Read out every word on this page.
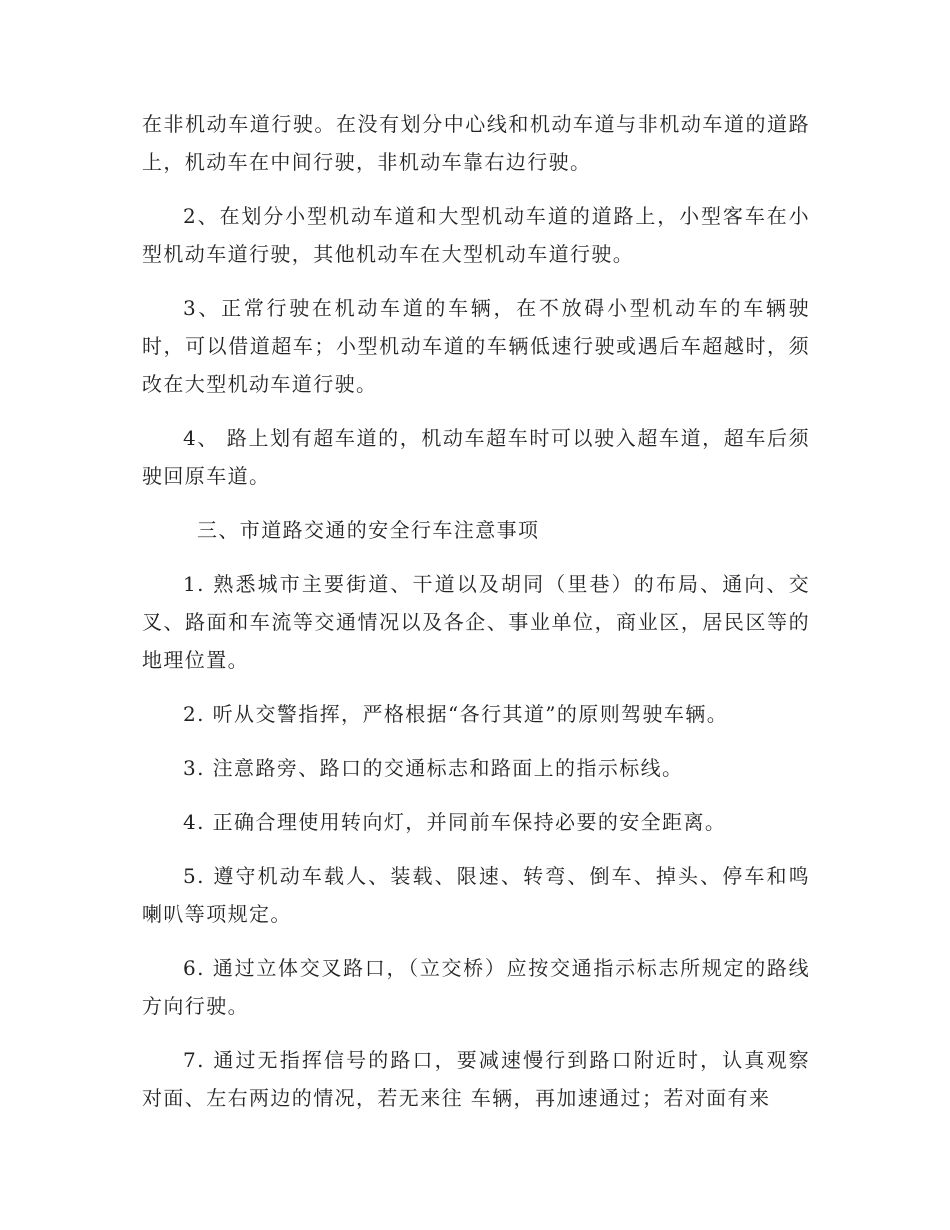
在非机动车道行驶。在没有划分中心线和机动车道与非机动车道的道路上，机动车在中间行驶，非机动车靠右边行驶。

2、在划分小型机动车道和大型机动车道的道路上，小型客车在小型机动车道行驶，其他机动车在大型机动车道行驶。

3、正常行驶在机动车道的车辆，在不放碍小型机动车的车辆驶时，可以借道超车；小型机动车道的车辆低速行驶或遇后车超越时，须改在大型机动车道行驶。

4、 路上划有超车道的，机动车超车时可以驶入超车道，超车后须驶回原车道。

三、市道路交通的安全行车注意事项

1. 熟悉城市主要街道、干道以及胡同（里巷）的布局、通向、交叉、路面和车流等交通情况以及各企、事业单位，商业区，居民区等的地理位置。

2. 听从交警指挥，严格根据“各行其道”的原则驾驶车辆。

3. 注意路旁、路口的交通标志和路面上的指示标线。

4. 正确合理使用转向灯，并同前车保持必要的安全距离。

5. 遵守机动车载人、装载、限速、转弯、倒车、掉头、停车和鸣喇叭等项规定。

6. 通过立体交叉路口，（立交桥）应按交通指示标志所规定的路线方向行驶。

7. 通过无指挥信号的路口，要减速慢行到路口附近时，认真观察对面、左右两边的情况，若无来往 车辆，再加速通过；若对面有来
